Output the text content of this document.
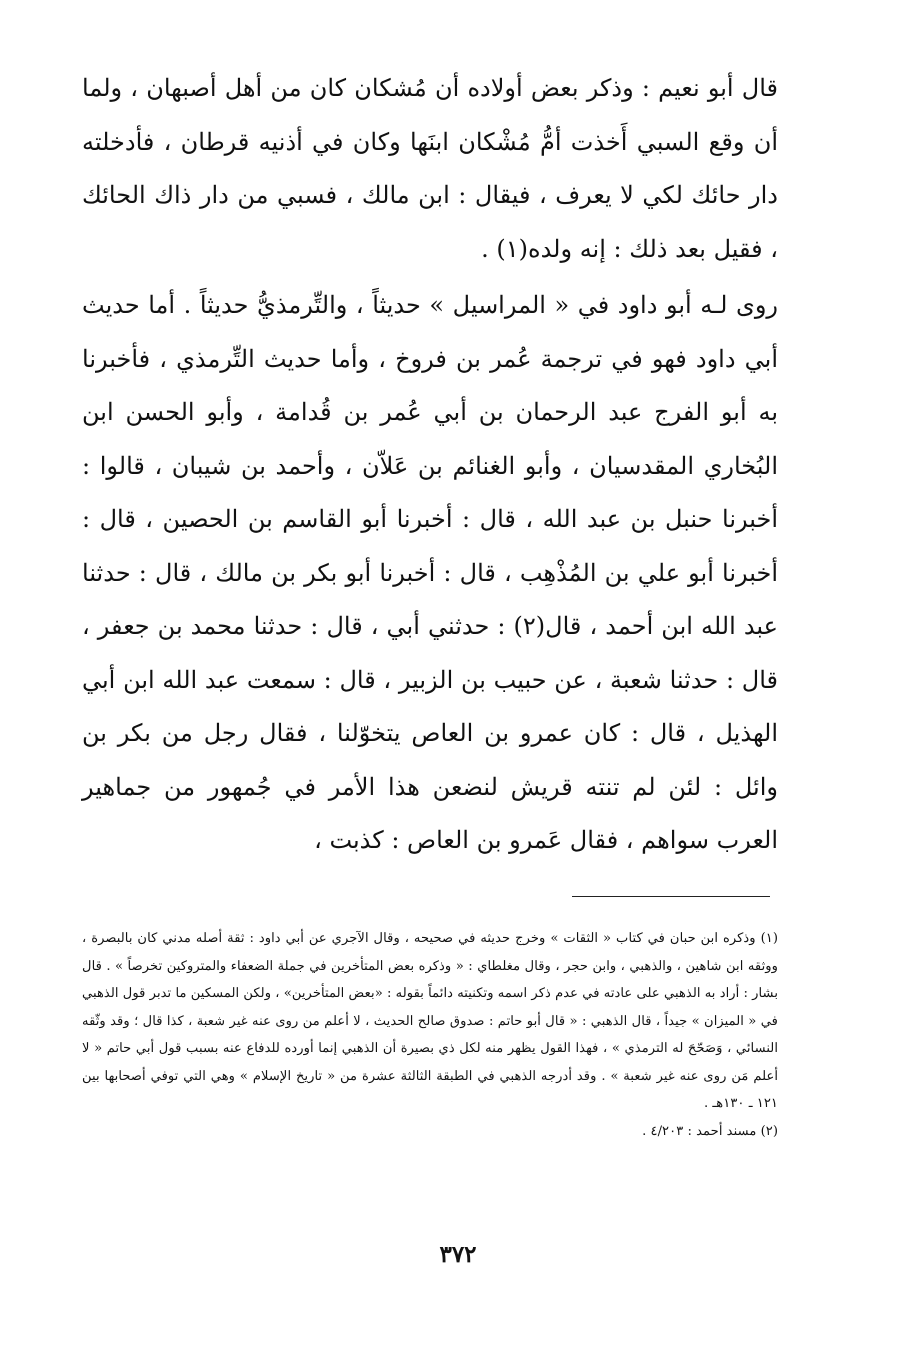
قال أبو نعيم : وذكر بعض أولاده أن مُشكان كان من أهل أصبهان ، ولما أن وقع السبي أَخذت أمُّ مُشْكان ابنَها وكان في أذنيه قرطان ، فأدخلته دار حائك لكي لا يعرف ، فيقال : ابن مالك ، فسبي من دار ذاك الحائك ، فقيل بعد ذلك : إنه ولده(١) .

روى لـه أبو داود في « المراسيل » حديثاً ، والتِّرمذيُّ حديثاً . أما حديث أبي داود فهو في ترجمة عُمر بن فروخ ، وأما حديث التِّرمذي ، فأخبرنا به أبو الفرج عبد الرحمان بن أبي عُمر بن قُدامة ، وأبو الحسن ابن البُخاري المقدسيان ، وأبو الغنائم بن عَلاّن ، وأحمد بن شيبان ، قالوا : أخبرنا حنبل بن عبد الله ، قال : أخبرنا أبو القاسم بن الحصين ، قال : أخبرنا أبو علي بن المُذْهِب ، قال : أخبرنا أبو بكر بن مالك ، قال : حدثنا عبد الله ابن أحمد ، قال(٢) : حدثني أبي ، قال : حدثنا محمد بن جعفر ، قال : حدثنا شعبة ، عن حبيب بن الزبير ، قال : سمعت عبد الله ابن أبي الهذيل ، قال : كان عمرو بن العاص يتخوّلنا ، فقال رجل من بكر بن وائل : لئن لم تنته قريش لنضعن هذا الأمر في جُمهور من جماهير العرب سواهم ، فقال عَمرو بن العاص : كذبت ،

(١) وذكره ابن حبان في كتاب « الثقات » وخرج حديثه في صحيحه ، وقال الآجري عن أبي داود : ثقة أصله مدني كان بالبصرة ، ووثقه ابن شاهين ، والذهبي ، وابن حجر ، وقال مغلطاي : « وذكره بعض المتأخرين في جملة الضعفاء والمتروكين تخرصاً » . قال بشار : أراد به الذهبي على عادته في عدم ذكر اسمه وتكنيته دائماً بقوله : «بعض المتأخرين» ، ولكن المسكين ما تدبر قول الذهبي في « الميزان » جيداً ، قال الذهبي : « قال أبو حاتم : صدوق صالح الحديث ، لا أعلم من روى عنه غير شعبة ، كذا قال ؛ وقد وثّقه النسائي ، وَصَحّحَ له الترمذي » ، فهذا القول يظهر منه لكل ذي بصيرة أن الذهبي إنما أورده للدفاع عنه بسبب قول أبي حاتم « لا أعلم مَن روى عنه غير شعبة » . وقد أدرجه الذهبي في الطبقة الثالثة عشرة من « تاريخ الإسلام » وهي التي توفي أصحابها بين ١٢١ ـ ١٣٠هـ .

(٢) مسند أحمد : ٤/٢٠٣ .

٣٧٢
